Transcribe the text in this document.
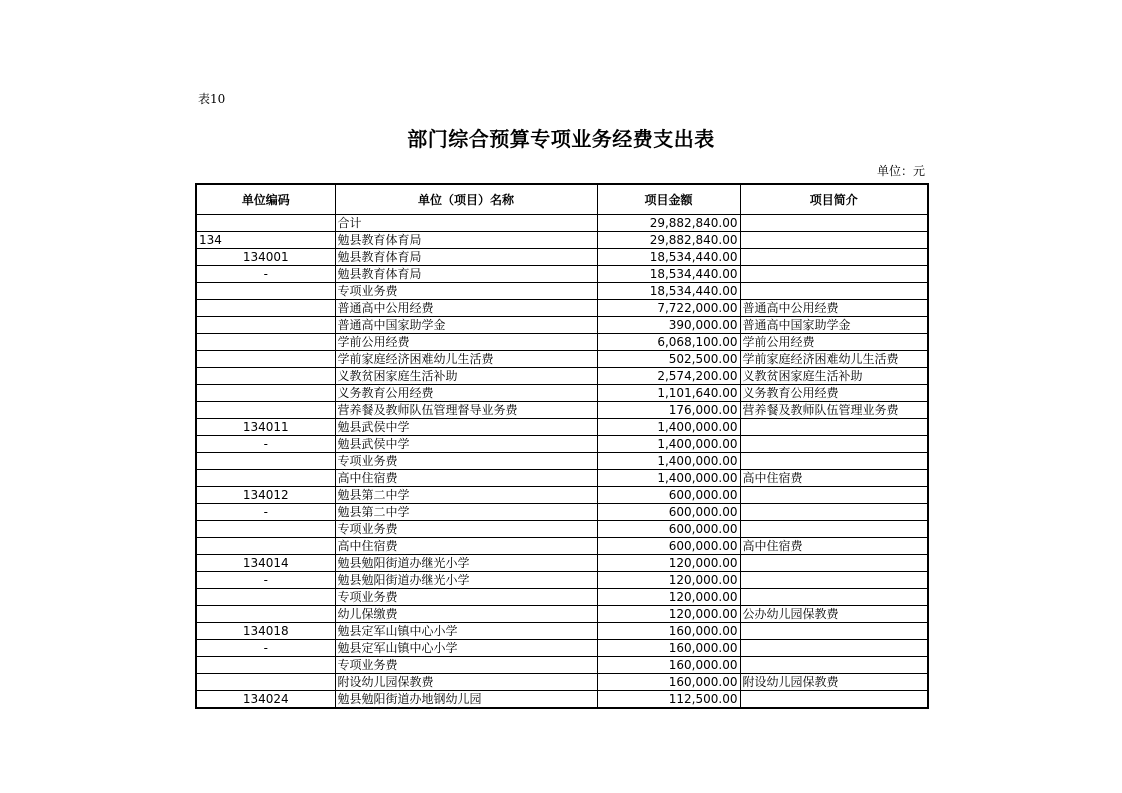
表10
部门综合预算专项业务经费支出表
单位：元
单位编码	单位（项目）名称	项目金额	项目简介
	合计	29,882,840.00	
134	勉县教育体育局	29,882,840.00	
134001	勉县教育体育局	18,534,440.00	
-	勉县教育体育局	18,534,440.00	
	专项业务费	18,534,440.00	
	普通高中公用经费	7,722,000.00	普通高中公用经费
	普通高中国家助学金	390,000.00	普通高中国家助学金
	学前公用经费	6,068,100.00	学前公用经费
	学前家庭经济困难幼儿生活费	502,500.00	学前家庭经济困难幼儿生活费
	义教贫困家庭生活补助	2,574,200.00	义教贫困家庭生活补助
	义务教育公用经费	1,101,640.00	义务教育公用经费
	营养餐及教师队伍管理督导业务费	176,000.00	营养餐及教师队伍管理业务费
134011	勉县武侯中学	1,400,000.00	
-	勉县武侯中学	1,400,000.00	
	专项业务费	1,400,000.00	
	高中住宿费	1,400,000.00	高中住宿费
134012	勉县第二中学	600,000.00	
-	勉县第二中学	600,000.00	
	专项业务费	600,000.00	
	高中住宿费	600,000.00	高中住宿费
134014	勉县勉阳街道办继光小学	120,000.00	
-	勉县勉阳街道办继光小学	120,000.00	
	专项业务费	120,000.00	
	幼儿保缴费	120,000.00	公办幼儿园保教费
134018	勉县定军山镇中心小学	160,000.00	
-	勉县定军山镇中心小学	160,000.00	
	专项业务费	160,000.00	
	附设幼儿园保教费	160,000.00	附设幼儿园保教费
134024	勉县勉阳街道办地钢幼儿园	112,500.00	
